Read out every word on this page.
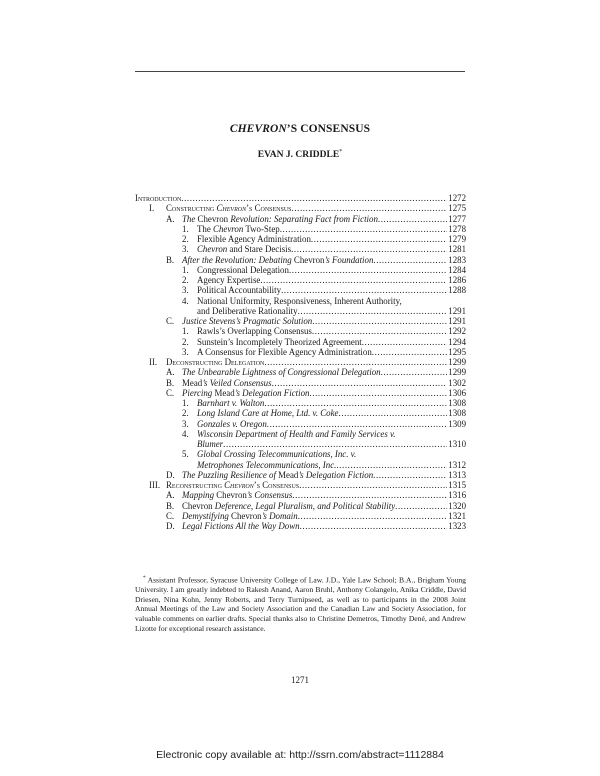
CHEVRON’S CONSENSUS
EVAN J. CRIDDLE*
Introduction .....	1272
I. Constructing Chevron’s Consensus .....	1275
A. The Chevron Revolution: Separating Fact from Fiction .....	1277
1. The Chevron Two-Step .....	1278
2. Flexible Agency Administration .....	1279
3. Chevron and Stare Decisis .....	1281
B. After the Revolution: Debating Chevron’s Foundation .....	1283
1. Congressional Delegation .....	1284
2. Agency Expertise .....	1286
3. Political Accountability .....	1288
4. National Uniformity, Responsiveness, Inherent Authority,
and Deliberative Rationality .....	1291
C. Justice Stevens’s Pragmatic Solution .....	1291
1. Rawls’s Overlapping Consensus .....	1292
2. Sunstein’s Incompletely Theorized Agreement .....	1294
3. A Consensus for Flexible Agency Administration .....	1295
II. Deconstructing Delegation .....	1299
A. The Unbearable Lightness of Congressional Delegation .....	1299
B. Mead’s Veiled Consensus .....	1302
C. Piercing Mead’s Delegation Fiction .....	1306
1. Barnhart v. Walton .....	1308
2. Long Island Care at Home, Ltd. v. Coke .....	1308
3. Gonzales v. Oregon .....	1309
4. Wisconsin Department of Health and Family Services v.
Blumer .....	1310
5. Global Crossing Telecommunications, Inc. v.
Metrophones Telecommunications, Inc. .....	1312
D. The Puzzling Resilience of Mead’s Delegation Fiction .....	1313
III. Reconstructing Chevron’s Consensus .....	1315
A. Mapping Chevron’s Consensus .....	1316
B. Chevron Deference, Legal Pluralism, and Political Stability .....	1320
C. Demystifying Chevron’s Domain .....	1321
D. Legal Fictions All the Way Down .....	1323
* Assistant Professor, Syracuse University College of Law. J.D., Yale Law School; B.A., Brigham Young University. I am greatly indebted to Rakesh Anand, Aaron Bruhl, Anthony Colangelo, Anika Criddle, David Driesen, Nina Kohn, Jenny Roberts, and Terry Turnipseed, as well as to participants in the 2008 Joint Annual Meetings of the Law and Society Association and the Canadian Law and Society Association, for valuable comments on earlier drafts. Special thanks also to Christine Demetros, Timothy Dené, and Andrew Lizotte for exceptional research assistance.
1271
Electronic copy available at: http://ssrn.com/abstract=1112884
